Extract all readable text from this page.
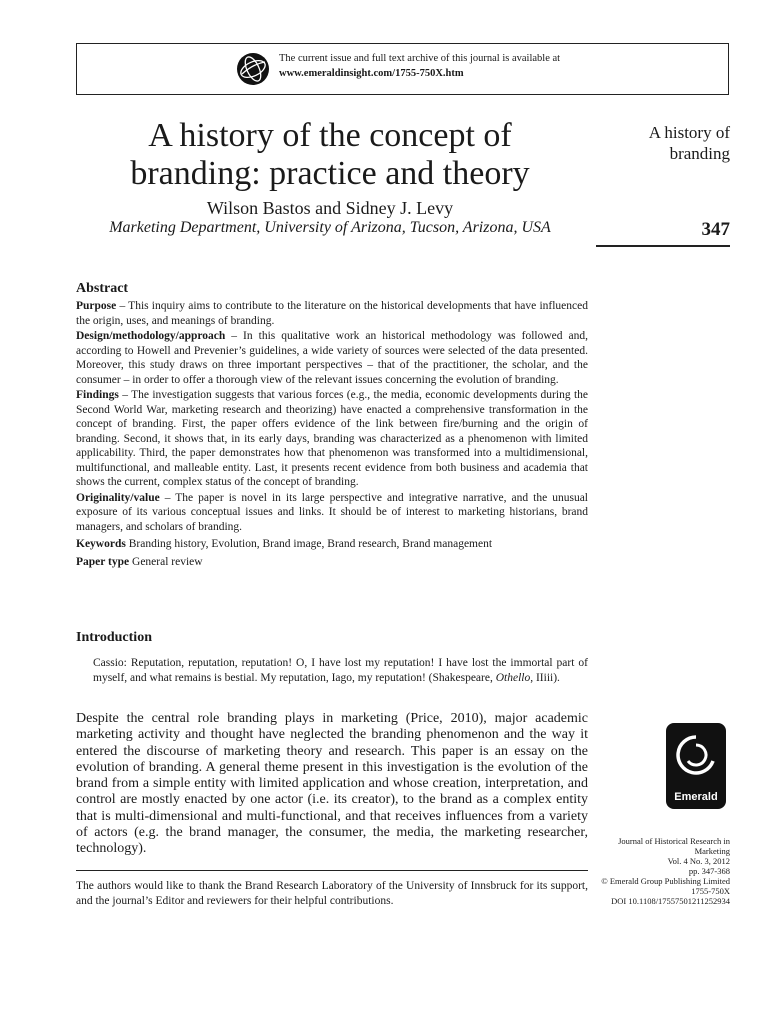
The current issue and full text archive of this journal is available at
www.emeraldinsight.com/1755-750X.htm
A history of the concept of
branding: practice and theory
Wilson Bastos and Sidney J. Levy
Marketing Department, University of Arizona, Tucson, Arizona, USA
A history of
branding
347
Abstract

Purpose – This inquiry aims to contribute to the literature on the historical developments that have influenced the origin, uses, and meanings of branding.

Design/methodology/approach – In this qualitative work an historical methodology was followed and, according to Howell and Prevenier’s guidelines, a wide variety of sources were selected of the data presented. Moreover, this study draws on three important perspectives – that of the practitioner, the scholar, and the consumer – in order to offer a thorough view of the relevant issues concerning the evolution of branding.

Findings – The investigation suggests that various forces (e.g., the media, economic developments during the Second World War, marketing research and theorizing) have enacted a comprehensive transformation in the concept of branding. First, the paper offers evidence of the link between fire/burning and the origin of branding. Second, it shows that, in its early days, branding was characterized as a phenomenon with limited applicability. Third, the paper demonstrates how that phenomenon was transformed into a multidimensional, multifunctional, and malleable entity. Last, it presents recent evidence from both business and academia that shows the current, complex status of the concept of branding.

Originality/value – The paper is novel in its large perspective and integrative narrative, and the unusual exposure of its various conceptual issues and links. It should be of interest to marketing historians, brand managers, and scholars of branding.

Keywords Branding history, Evolution, Brand image, Brand research, Brand management

Paper type General review

Introduction
Cassio: Reputation, reputation, reputation! O, I have lost my reputation! I have lost the immortal part of myself, and what remains is bestial. My reputation, Iago, my reputation! (Shakespeare, Othello, IIiii).
Despite the central role branding plays in marketing (Price, 2010), major academic marketing activity and thought have neglected the branding phenomenon and the way it entered the discourse of marketing theory and research. This paper is an essay on the evolution of branding. A general theme present in this investigation is the evolution of the brand from a simple entity with limited application and whose creation, interpretation, and control are mostly enacted by one actor (i.e. its creator), to the brand as a complex entity that is multi-dimensional and multi-functional, and that receives influences from a variety of actors (e.g. the brand manager, the consumer, the media, the marketing researcher, technology).
The authors would like to thank the Brand Research Laboratory of the University of Innsbruck for its support, and the journal’s Editor and reviewers for their helpful contributions.
Emerald
Journal of Historical Research in
Marketing
Vol. 4 No. 3, 2012
pp. 347-368
© Emerald Group Publishing Limited
1755-750X
DOI 10.1108/17557501211252934
